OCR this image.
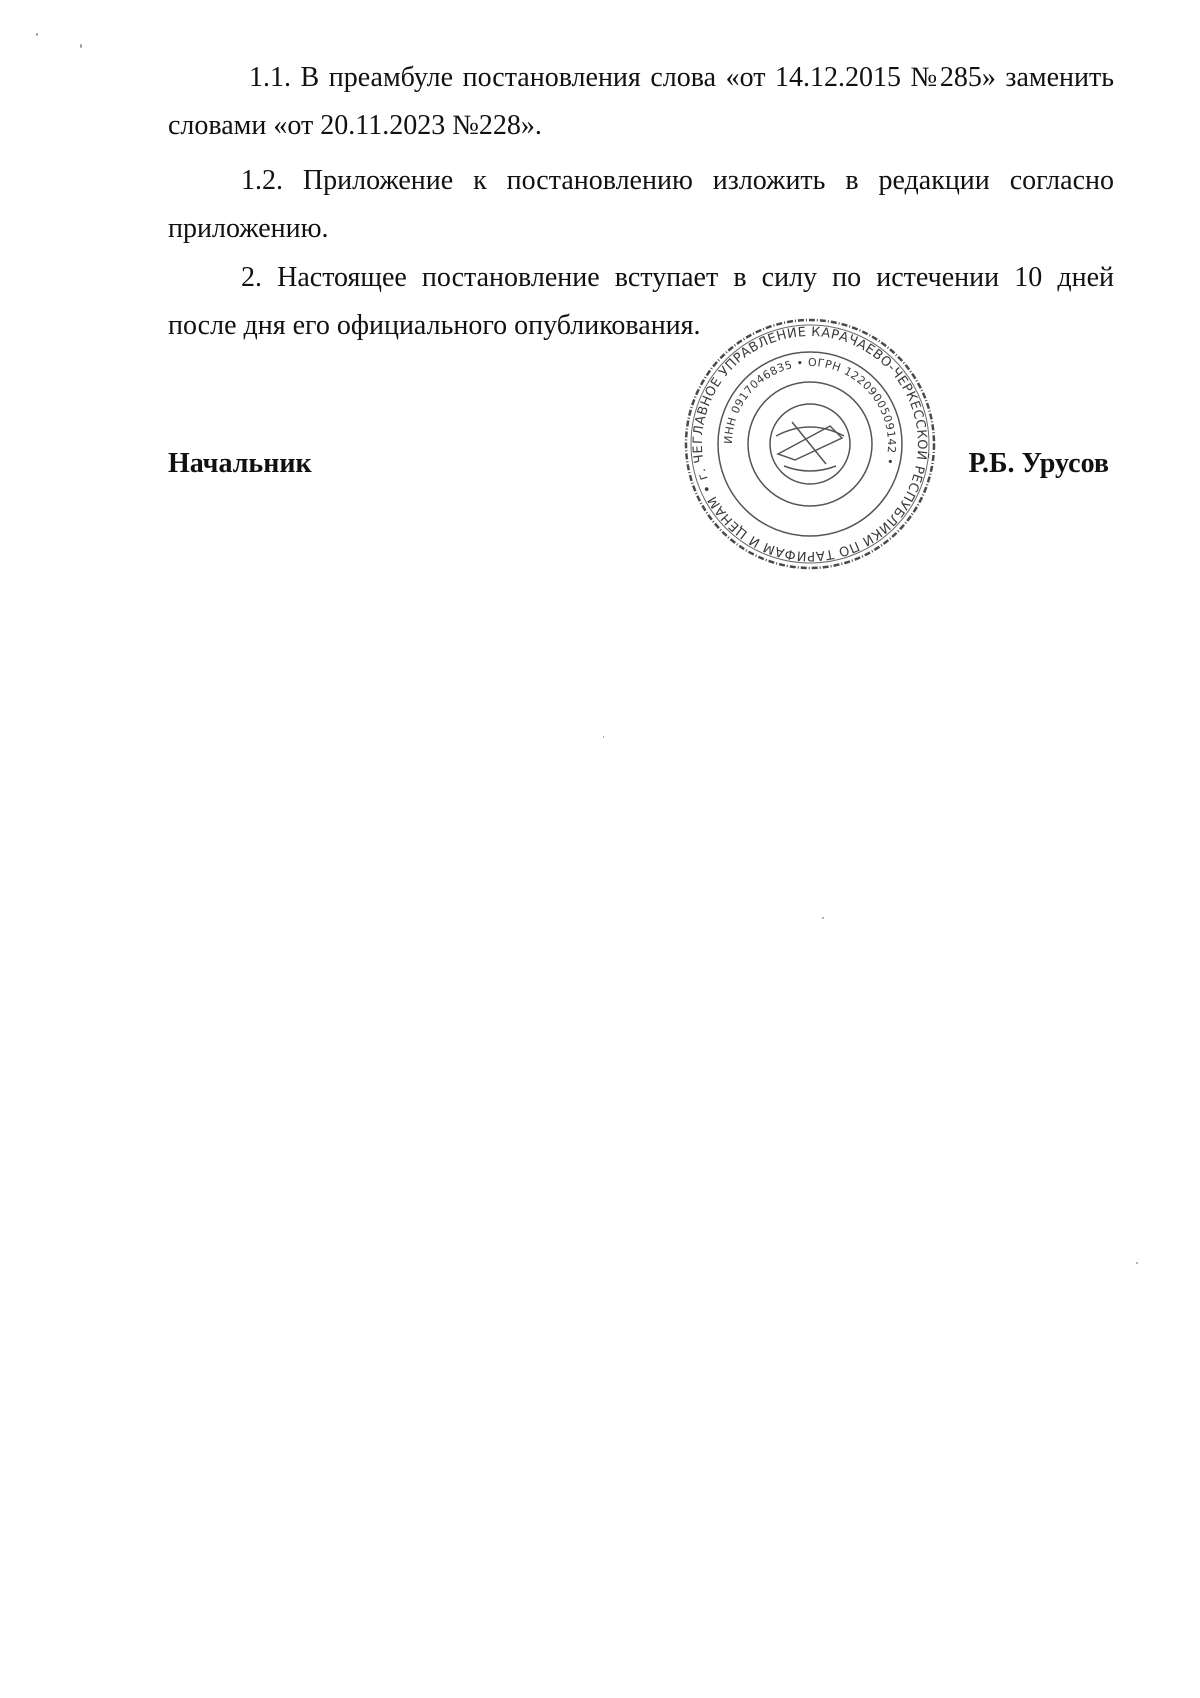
1.1. В преамбуле постановления слова «от 14.12.2015 №285» заменить словами «от 20.11.2023 №228».

1.2. Приложение к постановлению изложить в редакции согласно приложению.

2. Настоящее постановление вступает в силу по истечении 10 дней после дня его официального опубликования.

ГЛАВНОЕ УПРАВЛЕНИЕ КАРАЧАЕВО-ЧЕРКЕССКОЙ РЕСПУБЛИКИ ПО ТАРИФАМ И ЦЕНАМ • г. ЧЕ
ИНН 0917046835 • ОГРН 1220900509142 •
Начальник	Р.Б. Урусов
